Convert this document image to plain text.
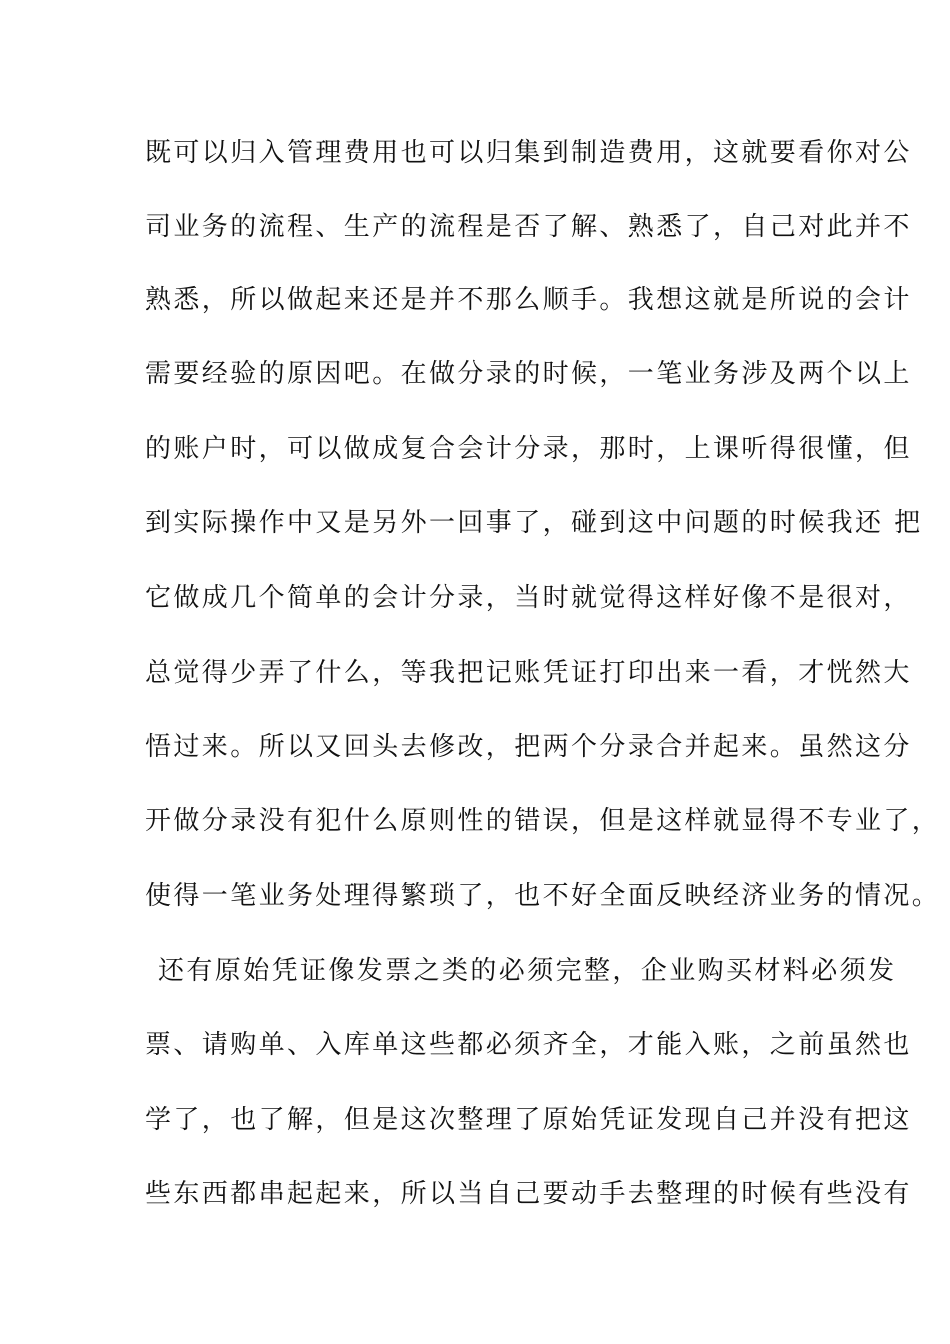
既可以归入管理费用也可以归集到制造费用，这就要看你对公

司业务的流程、生产的流程是否了解、熟悉了，自己对此并不

熟悉，所以做起来还是并不那么顺手。我想这就是所说的会计

需要经验的原因吧。在做分录的时候，一笔业务涉及两个以上

的账户时，可以做成复合会计分录，那时，上课听得很懂，但

到实际操作中又是另外一回事了，碰到这中问题的时候我还 把

它做成几个简单的会计分录，当时就觉得这样好像不是很对，

总觉得少弄了什么，等我把记账凭证打印出来一看，才恍然大

悟过来。所以又回头去修改，把两个分录合并起来。虽然这分

开做分录没有犯什么原则性的错误，但是这样就显得不专业了，

使得一笔业务处理得繁琐了，也不好全面反映经济业务的情况。

还有原始凭证像发票之类的必须完整，企业购买材料必须发

票、请购单、入库单这些都必须齐全，才能入账，之前虽然也

学了，也了解，但是这次整理了原始凭证发现自己并没有把这

些东西都串起起来，所以当自己要动手去整理的时候有些没有
